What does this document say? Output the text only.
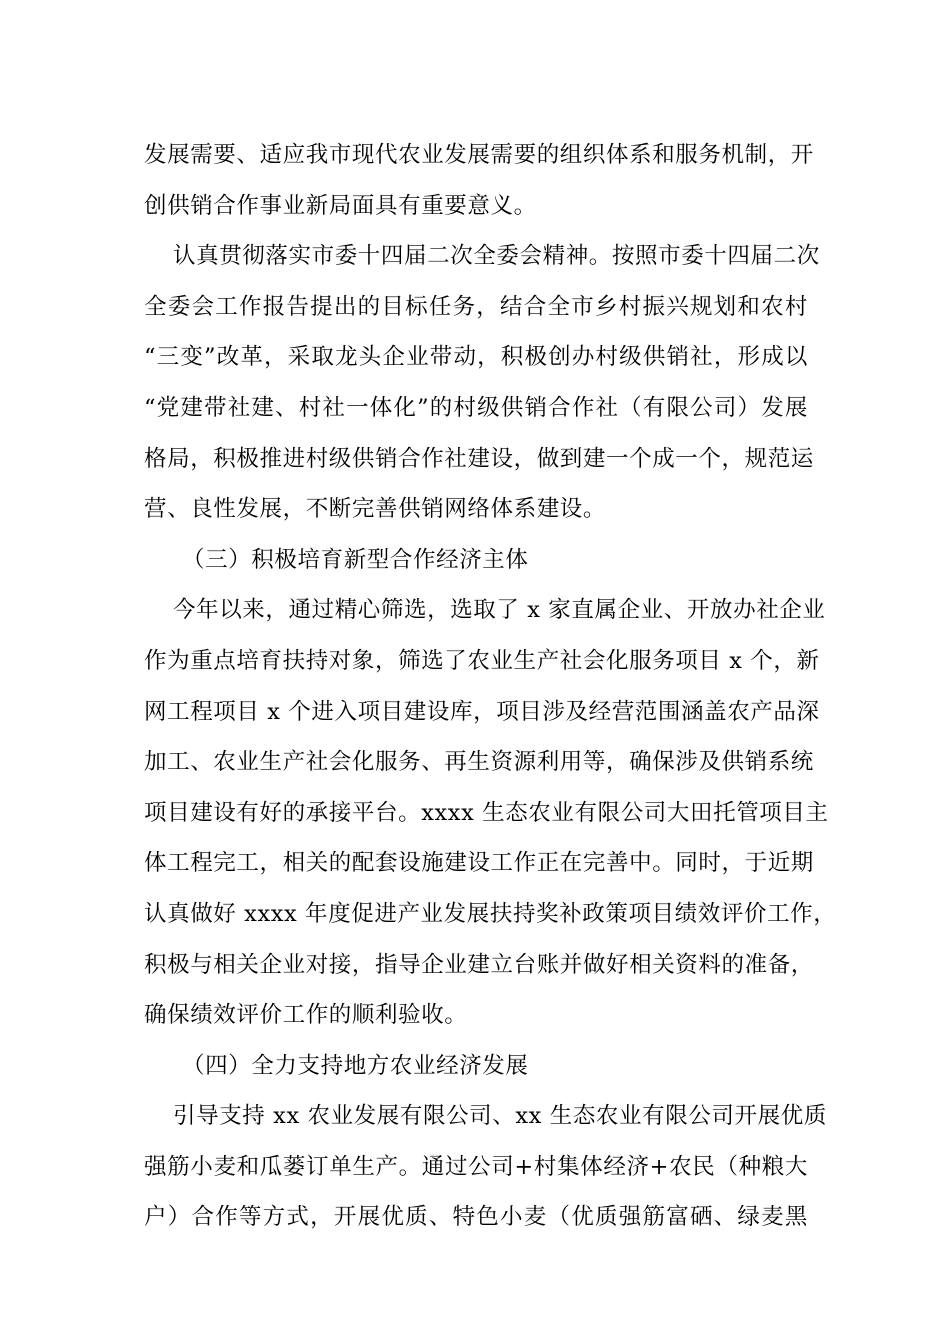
发展需要、适应我市现代农业发展需要的组织体系和服务机制，开
创供销合作事业新局面具有重要意义。
认真贯彻落实市委十四届二次全委会精神。按照市委十四届二次
全委会工作报告提出的目标任务，结合全市乡村振兴规划和农村
“三变”改革，采取龙头企业带动，积极创办村级供销社，形成以
“党建带社建、村社一体化”的村级供销合作社（有限公司）发展
格局，积极推进村级供销合作社建设，做到建一个成一个，规范运
营、良性发展，不断完善供销网络体系建设。
（三）积极培育新型合作经济主体
今年以来，通过精心筛选，选取了 x 家直属企业、开放办社企业
作为重点培育扶持对象，筛选了农业生产社会化服务项目 x 个，新
网工程项目 x 个进入项目建设库，项目涉及经营范围涵盖农产品深
加工、农业生产社会化服务、再生资源利用等，确保涉及供销系统
项目建设有好的承接平台。xxxx 生态农业有限公司大田托管项目主
体工程完工，相关的配套设施建设工作正在完善中。同时，于近期
认真做好 xxxx 年度促进产业发展扶持奖补政策项目绩效评价工作，
积极与相关企业对接，指导企业建立台账并做好相关资料的准备，
确保绩效评价工作的顺利验收。
（四）全力支持地方农业经济发展
引导支持 xx 农业发展有限公司、xx 生态农业有限公司开展优质
强筋小麦和瓜蒌订单生产。通过公司+村集体经济+农民（种粮大
户）合作等方式，开展优质、特色小麦（优质强筋富硒、绿麦黑
